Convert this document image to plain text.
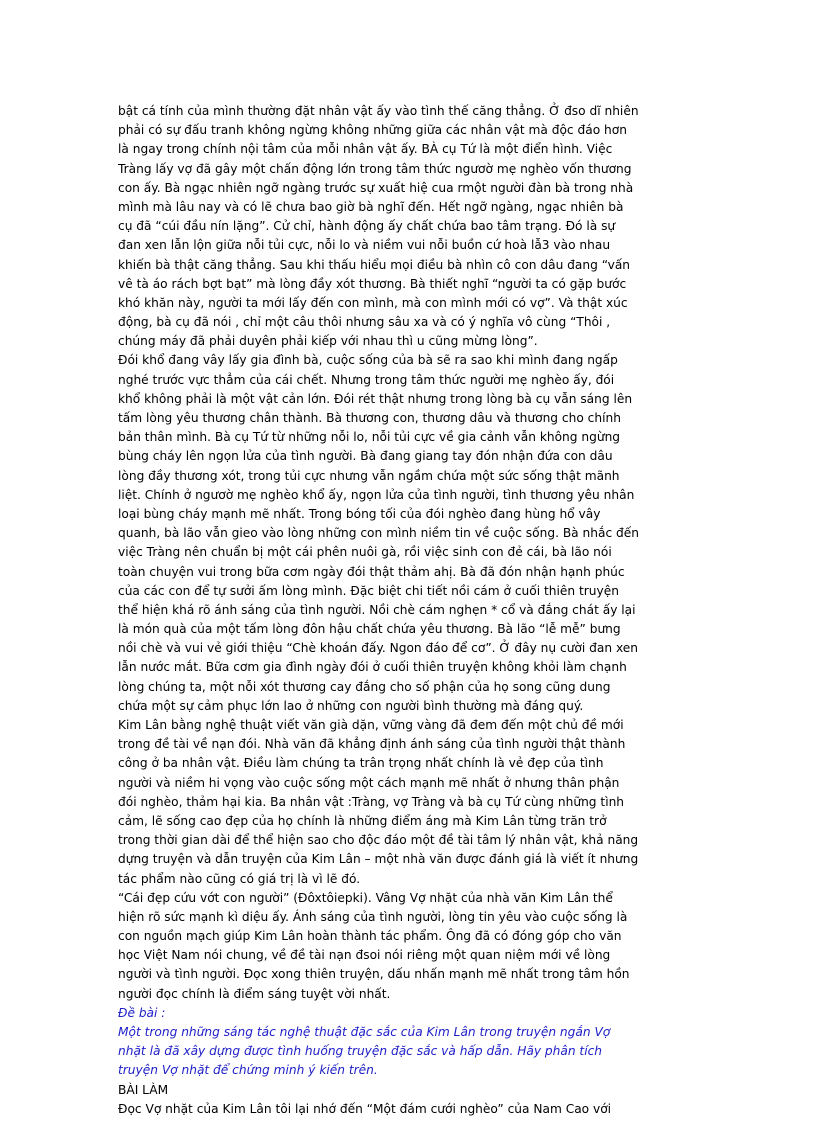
bật cá tính của mình thường đặt nhân vật ấy vào tình thế căng thẳng. Ở đso dĩ nhiên
phải có sự đấu tranh không ngừng không những giữa các nhân vật mà độc đáo hơn
là ngay trong chính nội tâm của mỗi nhân vật ấy. BÀ cụ Tứ là một điển hình. Việc
Tràng lấy vợ đã gây một chấn động lớn trong tâm thức ngươờ mẹ nghèo vốn thương
con ấy. Bà ngạc nhiên ngỡ ngàng trước sự xuất hiệ cua rmột người đàn bà trong nhà
mình mà lâu nay và có lẽ chưa bao giờ bà nghĩ đến. Hết ngỡ ngàng, ngạc nhiên bà
cụ đã “cúi đầu nín lặng”. Cử chỉ, hành động ấy chất chứa bao tâm trạng. Đó là sự
đan xen lẫn lộn giữa nỗi tủi cực, nỗi lo và niềm vui nỗi buồn cứ hoà lẫ3 vào nhau
khiến bà thật căng thẳng. Sau khi thấu hiểu mọi điều bà nhìn cô con dâu đang “vấn
vê tà áo rách bợt bạt” mà lòng đầy xót thương. Bà thiết nghĩ “người ta có gặp bước
khó khăn này, người ta mới lấy đến con mình, mà con mình mới có vợ”. Và thật xúc
động, bà cụ đã nói , chỉ một câu thôi nhưng sâu xa và có ý nghĩa vô cùng “Thôi ,
chúng máy đã phải duyên phải kiếp với nhau thì u cũng mừng lòng”.
Đói khổ đang vây lấy gia đình bà, cuộc sống của bà sẽ ra sao khi mình đang ngấp
nghé trước vực thẳm của cái chết. Nhưng trong tâm thức người mẹ nghèo ấy, đói
khổ không phải là một vật cản lớn. Đói rét thật nhưng trong lòng bà cụ vẫn sáng lên
tấm lòng yêu thương chân thành. Bà thương con, thương dâu và thương cho chính
bản thân mình. Bà cụ Tứ từ những nỗi lo, nỗi tủi cực về gia cảnh vẫn không ngừng
bùng cháy lên ngọn lửa của tình người. Bà đang giang tay đón nhận đứa con dâu
lòng đầy thương xót, trong tủi cực nhưng vẫn ngầm chứa một sức sống thật mãnh
liệt. Chính ở ngươờ mẹ nghèo khổ ấy, ngọn lửa của tình người, tình thương yêu nhân
loại bùng cháy mạnh mẽ nhất. Trong bóng tối của đói nghèo đang hùng hổ vây
quanh, bà lão vẫn gieo vào lòng những con mình niềm tin về cuộc sống. Bà nhắc đến
việc Tràng nên chuẩn bị một cái phên nuôi gà, rồi việc sinh con đẻ cái, bà lão nói
toàn chuyện vui trong bữa cơm ngày đói thật thảm ahị. Bà đã đón nhận hạnh phúc
của các con để tự sưởi ấm lòng mình. Đặc biệt chi tiết nồi cám ở cuối thiên truyện
thể hiện khá rõ ánh sáng của tình người. Nồi chè cám nghẹn * cổ và đắng chát ấy lại
là món quà của một tấm lòng đôn hậu chất chứa yêu thương. Bà lão “lễ mễ” bưng
nồi chè và vui vẻ giới thiệu “Chè khoán đấy. Ngon đáo để cơ”. Ở đây nụ cười đan xen
lẫn nước mắt. Bữa cơm gia đình ngày đói ở cuối thiên truyện không khỏi làm chạnh
lòng chúng ta, một nỗi xót thương cay đắng cho số phận của họ song cũng dung
chứa một sự cảm phục lớn lao ở những con người bình thường mà đáng quý.
Kim Lân bằng nghệ thuật viết văn già dặn, vững vàng đã đem đến một chủ đề mới
trong đề tài về nạn đói. Nhà văn đã khẳng định ánh sáng của tình người thật thành
công ở ba nhân vật. Điều làm chúng ta trân trọng nhất chính là vẻ đẹp của tình
người và niềm hi vọng vào cuộc sống một cách mạnh mẽ nhất ở nhưng thân phận
đói nghèo, thảm hại kia. Ba nhân vật :Tràng, vợ Tràng và bà cụ Tứ cùng những tình
cảm, lẽ sống cao đẹp của họ chính là những điểm áng mà Kim Lân từng trăn trở
trong thời gian dài để thể hiện sao cho độc đáo một đề tài tâm lý nhân vật, khả năng
dựng truyện và dẫn truyện của Kim Lân – một nhà văn được đánh giá là viết ít nhưng
tác phẩm nào cũng có giá trị là vì lẽ đó.
“Cái đẹp cứu vớt con người” (Đôxtôiepki). Vâng Vợ nhặt của nhà văn Kim Lân thể
hiện rõ sức mạnh kì diệu ấy. Ánh sáng của tình người, lòng tin yêu vào cuộc sống là
con nguồn mạch giúp Kim Lân hoàn thành tác phẩm. Ông đã có đóng góp cho văn
học Việt Nam nói chung, về đề tài nạn đsoi nói riêng một quan niệm mới về lòng
người và tình người. Đọc xong thiên truyện, dấu nhấn mạnh mẽ nhất trong tâm hồn
người đọc chính là điểm sáng tuyệt vời nhất.
Đề bài :
Một trong những sáng tác nghệ thuật đặc sắc của Kim Lân trong truyện ngắn Vợ
nhặt là đã xây dựng được tình huống truyện đặc sắc và hấp dẫn. Hãy phân tích
truyện Vợ nhặt để chứng minh ý kiến trên.
BÀI LÀM
Đọc Vợ nhặt của Kim Lân tôi lại nhớ đến “Một đám cưới nghèo” của Nam Cao với
